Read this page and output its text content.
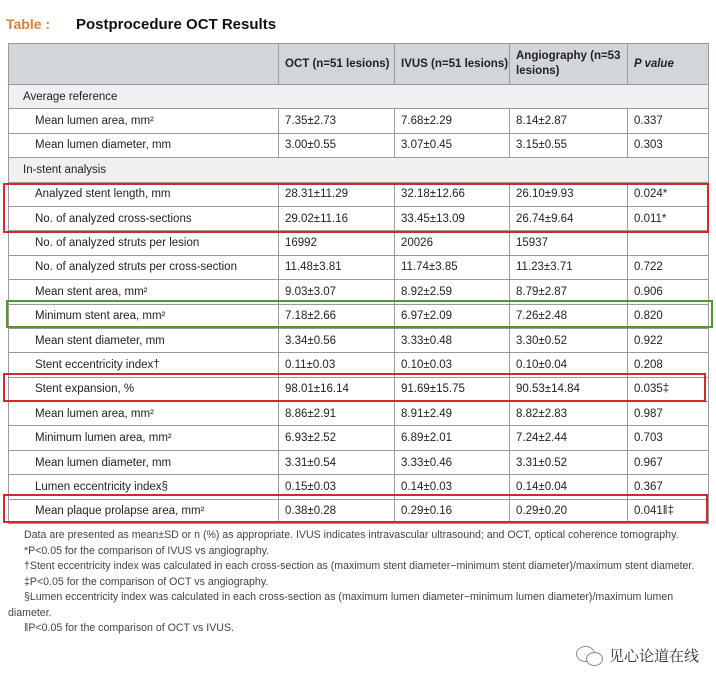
Table :	Postprocedure OCT Results
	OCT (n=51 lesions)	IVUS (n=51 lesions)	Angiography (n=53 lesions)	P value
Average reference				
Mean lumen area, mm²	7.35±2.73	7.68±2.29	8.14±2.87	0.337
Mean lumen diameter, mm	3.00±0.55	3.07±0.45	3.15±0.55	0.303
In-stent analysis				
Analyzed stent length, mm	28.31±11.29	32.18±12.66	26.10±9.93	0.024*
No. of analyzed cross-sections	29.02±11.16	33.45±13.09	26.74±9.64	0.011*
No. of analyzed struts per lesion	16992	20026	15937	
No. of analyzed struts per cross-section	11.48±3.81	11.74±3.85	11.23±3.71	0.722
Mean stent area, mm²	9.03±3.07	8.92±2.59	8.79±2.87	0.906
Minimum stent area, mm²	7.18±2.66	6.97±2.09	7.26±2.48	0.820
Mean stent diameter, mm	3.34±0.56	3.33±0.48	3.30±0.52	0.922
Stent eccentricity index†	0.11±0.03	0.10±0.03	0.10±0.04	0.208
Stent expansion, %	98.01±16.14	91.69±15.75	90.53±14.84	0.035‡
Mean lumen area, mm²	8.86±2.91	8.91±2.49	8.82±2.83	0.987
Minimum lumen area, mm²	6.93±2.52	6.89±2.01	7.24±2.44	0.703
Mean lumen diameter, mm	3.31±0.54	3.33±0.46	3.31±0.52	0.967
Lumen eccentricity index§	0.15±0.03	0.14±0.03	0.14±0.04	0.367
Mean plaque prolapse area, mm²	0.38±0.28	0.29±0.16	0.29±0.20	0.041‖‡

Data are presented as mean±SD or n (%) as appropriate. IVUS indicates intravascular ultrasound; and OCT, optical coherence tomography.

*P<0.05 for the comparison of IVUS vs angiography.

†Stent eccentricity index was calculated in each cross-section as (maximum stent diameter−minimum stent diameter)/maximum stent diameter.

‡P<0.05 for the comparison of OCT vs angiography.

§Lumen eccentricity index was calculated in each cross-section as (maximum lumen diameter−minimum lumen diameter)/maximum lumen diameter.

‖P<0.05 for the comparison of OCT vs IVUS.

见心论道在线
